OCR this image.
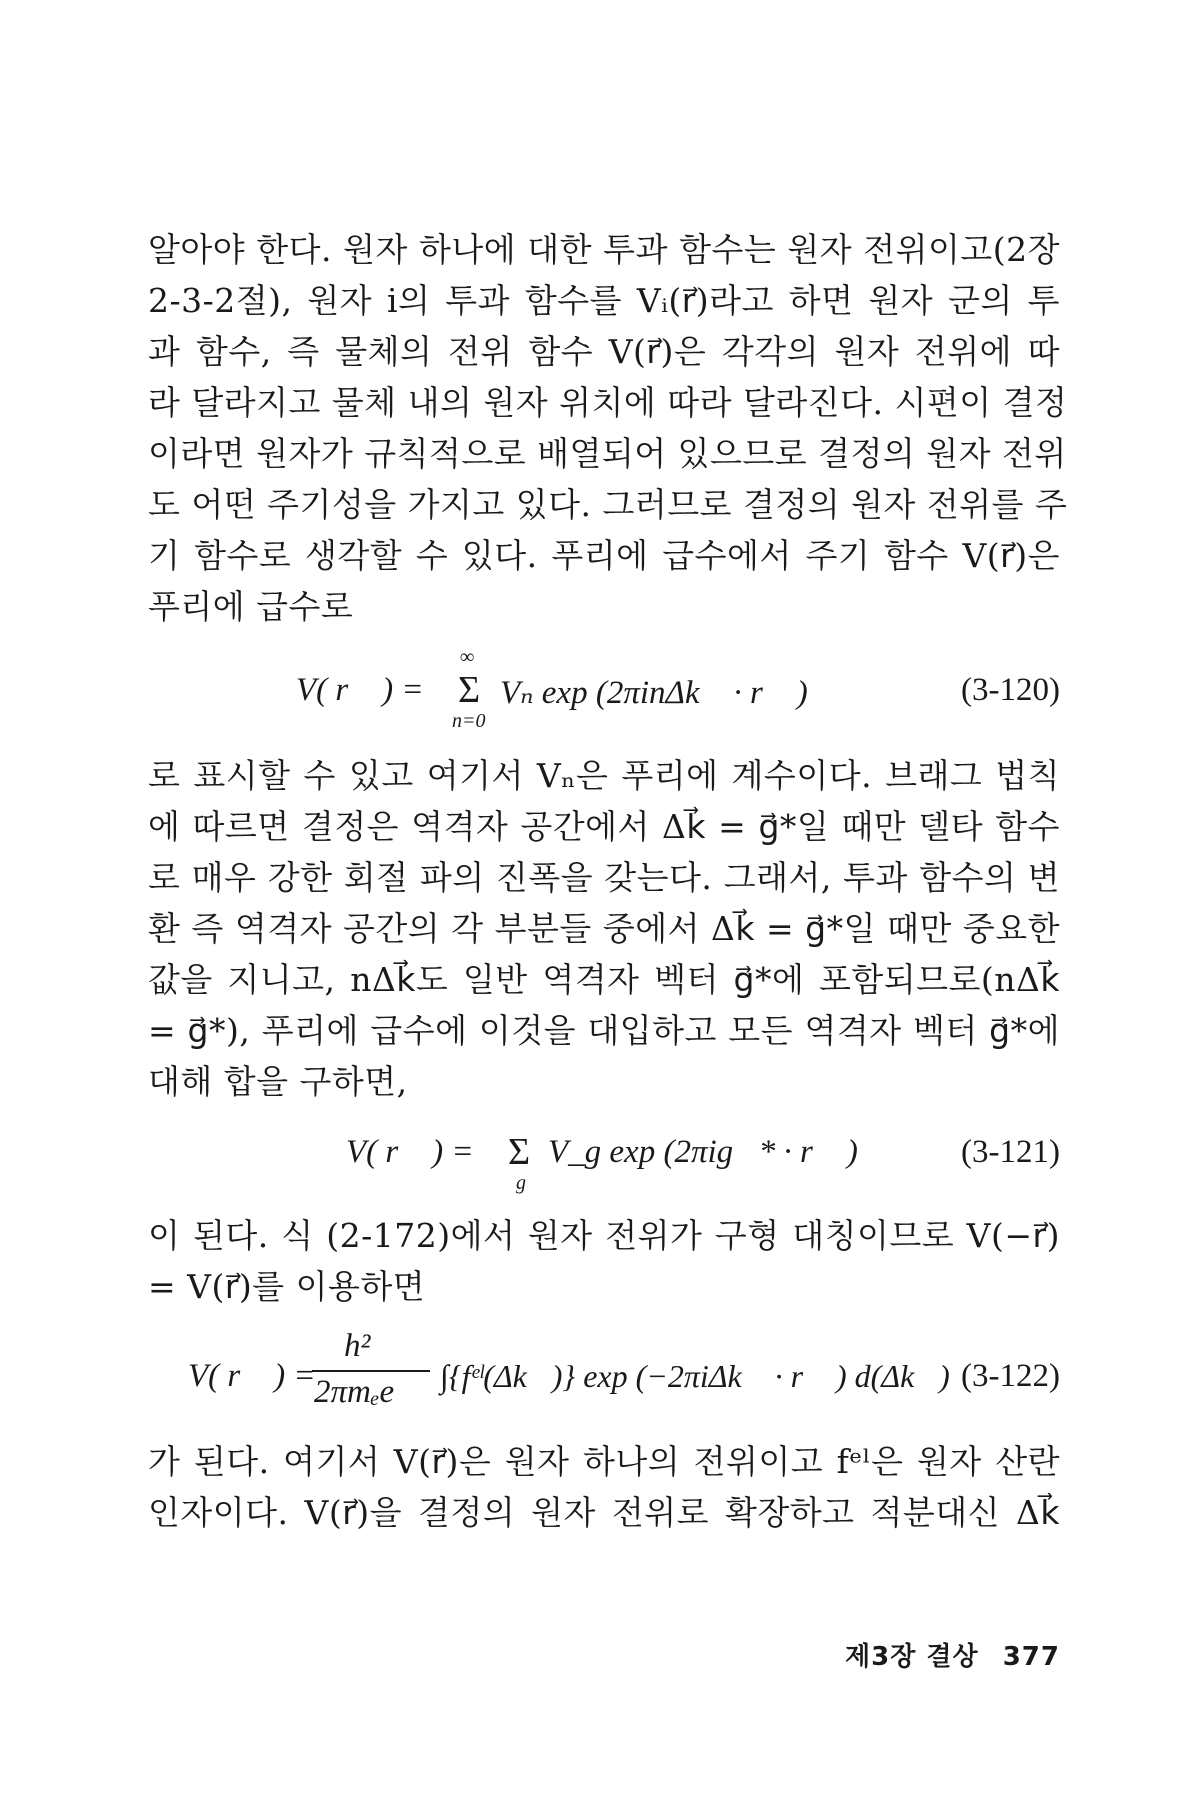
알아야 한다. 원자 하나에 대한 투과 함수는 원자 전위이고(2장
2-3-2절), 원자 i의 투과 함수를 Vᵢ(r⃗)라고 하면 원자 군의 투
과 함수, 즉 물체의 전위 함수 V(r⃗)은 각각의 원자 전위에 따
라 달라지고 물체 내의 원자 위치에 따라 달라진다. 시편이 결정
이라면 원자가 규칙적으로 배열되어 있으므로 결정의 원자 전위
도 어떤 주기성을 가지고 있다. 그러므로 결정의 원자 전위를 주
기 함수로 생각할 수 있다. 푸리에 급수에서 주기 함수 V(r⃗)은
푸리에 급수로
V( r⃗ ) =
∞
Σ
n=0
Vₙ exp (2πinΔk⃗ · r⃗ )	(3-120)
로 표시할 수 있고 여기서 Vₙ은 푸리에 계수이다. 브래그 법칙
에 따르면 결정은 역격자 공간에서 Δk⃗ = g⃗*일 때만 델타 함수
로 매우 강한 회절 파의 진폭을 갖는다. 그래서, 투과 함수의 변
환 즉 역격자 공간의 각 부분들 중에서 Δk⃗ = g⃗*일 때만 중요한
값을 지니고, nΔk⃗도 일반 역격자 벡터 g⃗*에 포함되므로(nΔk⃗
= g⃗*), 푸리에 급수에 이것을 대입하고 모든 역격자 벡터 g⃗*에
대해 합을 구하면,
V( r⃗ ) = Σ
g
V_g exp (2πig⃗* · r⃗ )	(3-121)
이 된다. 식 (2-172)에서 원자 전위가 구형 대칭이므로 V(−r⃗)
= V(r⃗)를 이용하면
V( r⃗ ) =
h²
2πmₑe ∫{fᵉˡ(Δk⃗)} exp (−2πiΔk⃗ · r⃗ ) d(Δk⃗) (3-122)
가 된다. 여기서 V(r⃗)은 원자 하나의 전위이고 fᵉˡ은 원자 산란
인자이다. V(r⃗)을 결정의 원자 전위로 확장하고 적분대신 Δk⃗
제3장 결상 377
